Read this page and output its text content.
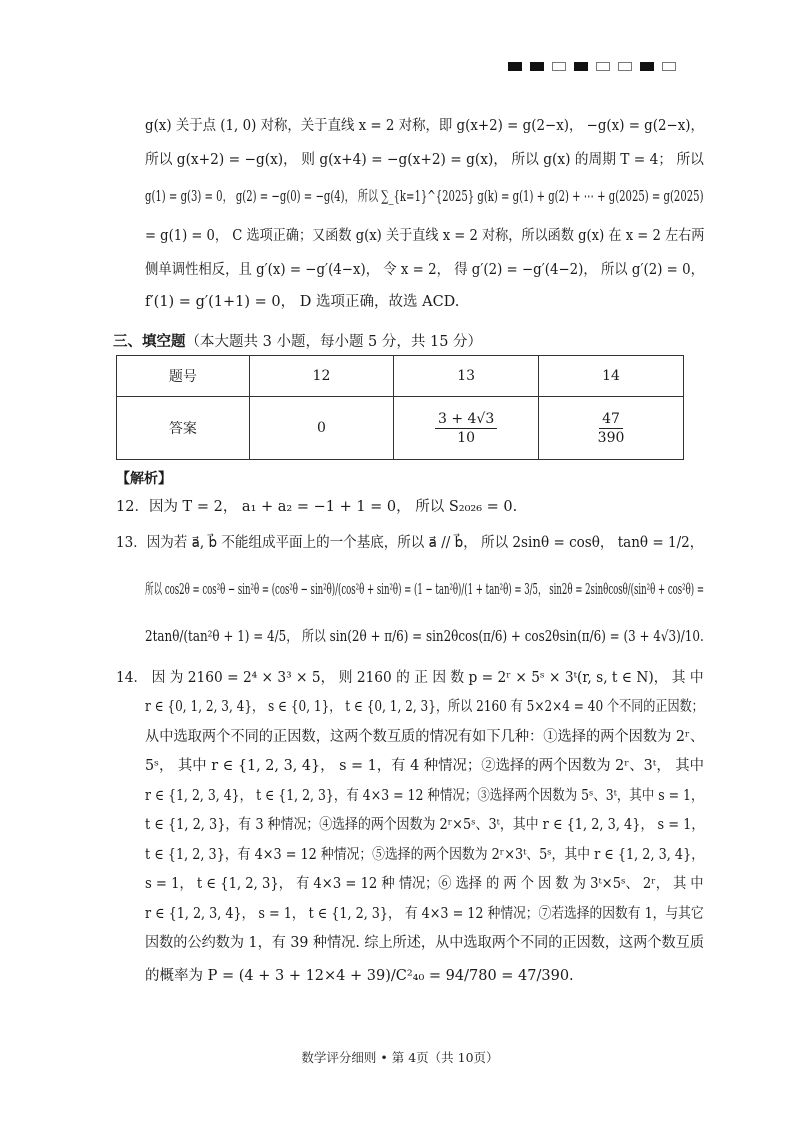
g(x) 关于点 (1, 0) 对称，关于直线 x = 2 对称，即 g(x+2) = g(2−x)， −g(x) = g(2−x)，
所以 g(x+2) = −g(x)， 则 g(x+4) = −g(x+2) = g(x)， 所以 g(x) 的周期 T = 4； 所以
g(1) = g(3) = 0， g(2) = −g(0) = −g(4)， 所以 ∑_{k=1}^{2025} g(k) = g(1) + g(2) + ⋯ + g(2025) = g(2025)
= g(1) = 0， C 选项正确；又函数 g(x) 关于直线 x = 2 对称，所以函数 g(x) 在 x = 2 左右两
侧单调性相反，且 g′(x) = −g′(4−x)， 令 x = 2， 得 g′(2) = −g′(4−2)， 所以 g′(2) = 0，
f′(1) = g′(1+1) = 0， D 选项正确，故选 ACD.
三、填空题（本大题共 3 小题，每小题 5 分，共 15 分）
题号	12	13	14
答案	0	$\frac{3 + 4√3}{10}$	$\frac{47}{390}$
【解析】
12．因为 T = 2， a₁ + a₂ = −1 + 1 = 0， 所以 S₂₀₂₆ = 0.
13．因为若 a⃗, b⃗ 不能组成平面上的一个基底，所以 a⃗ // b⃗， 所以 2sinθ = cosθ， tanθ = 1/2，
所以 cos2θ = cos²θ − sin²θ = (cos²θ − sin²θ)/(cos²θ + sin²θ) = (1 − tan²θ)/(1 + tan²θ) = 3/5， sin2θ = 2sinθcosθ/(sin²θ + cos²θ) =
2tanθ/(tan²θ + 1) = 4/5， 所以 sin(2θ + π/6) = sin2θcos(π/6) + cos2θsin(π/6) = (3 + 4√3)/10.
14． 因 为 2160 = 2⁴ × 3³ × 5， 则 2160 的 正 因 数 p = 2ʳ × 5ˢ × 3ᵗ(r, s, t ∈ N)， 其 中
r ∈ {0, 1, 2, 3, 4}， s ∈ {0, 1}， t ∈ {0, 1, 2, 3}，所以 2160 有 5×2×4 = 40 个不同的正因数；
从中选取两个不同的正因数，这两个数互质的情况有如下几种：①选择的两个因数为 2ʳ、
5ˢ， 其中 r ∈ {1, 2, 3, 4}， s = 1，有 4 种情况；②选择的两个因数为 2ʳ、3ᵗ， 其中
r ∈ {1, 2, 3, 4}， t ∈ {1, 2, 3}，有 4×3 = 12 种情况；③选择两个因数为 5ˢ、3ᵗ，其中 s = 1，
t ∈ {1, 2, 3}，有 3 种情况；④选择的两个因数为 2ʳ×5ˢ、3ᵗ，其中 r ∈ {1, 2, 3, 4}， s = 1，
t ∈ {1, 2, 3}，有 4×3 = 12 种情况；⑤选择的两个因数为 2ʳ×3ᵗ、5ˢ，其中 r ∈ {1, 2, 3, 4}，
s = 1， t ∈ {1, 2, 3}， 有 4×3 = 12 种 情况；⑥ 选择 的 两 个 因 数 为 3ᵗ×5ˢ、 2ʳ， 其 中
r ∈ {1, 2, 3, 4}， s = 1， t ∈ {1, 2, 3}， 有 4×3 = 12 种情况；⑦若选择的因数有 1，与其它
因数的公约数为 1，有 39 种情况. 综上所述，从中选取两个不同的正因数，这两个数互质
的概率为 P = (4 + 3 + 12×4 + 39)/C²₄₀ = 94/780 = 47/390.
数学评分细则 • 第 4页（共 10页）
